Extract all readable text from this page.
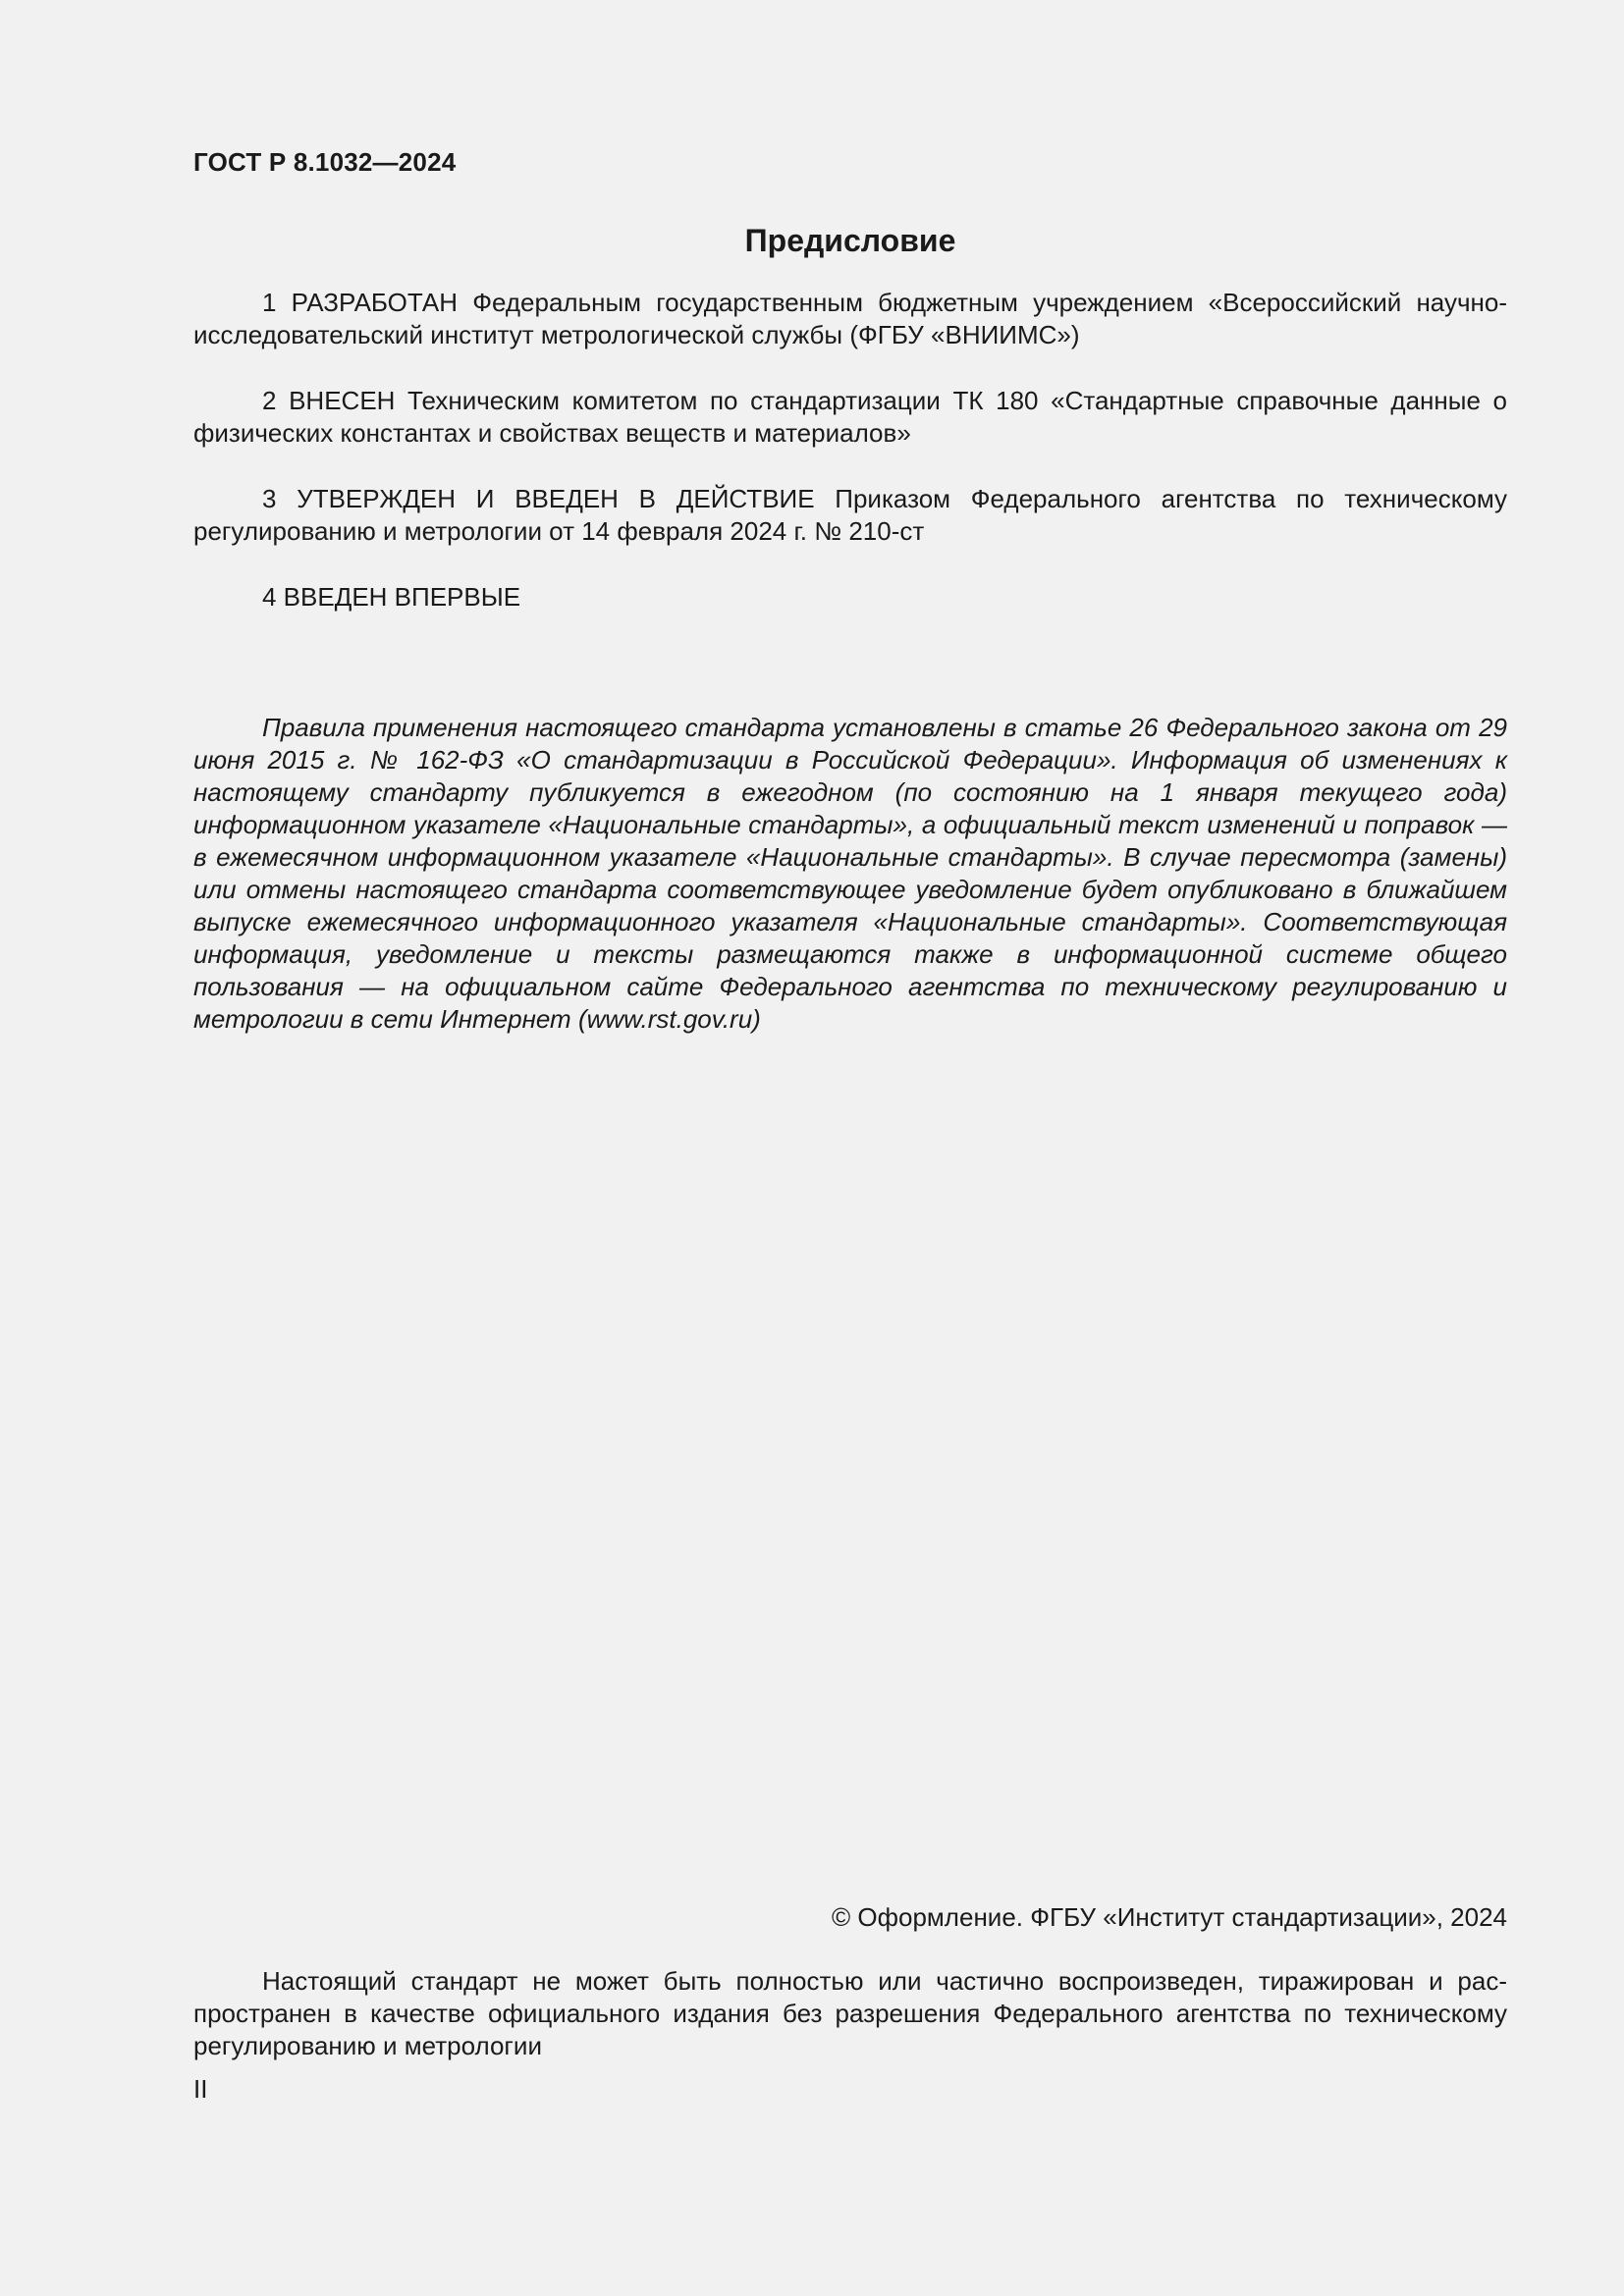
ГОСТ Р 8.1032—2024
Предисловие

1 РАЗРАБОТАН Федеральным государственным бюджетным учреждением «Всероссийский научно-исследовательский институт метрологической службы (ФГБУ «ВНИИМС»)

2 ВНЕСЕН Техническим комитетом по стандартизации ТК 180 «Стандартные справочные данные о физических константах и свойствах веществ и материалов»

3 УТВЕРЖДЕН И ВВЕДЕН В ДЕЙСТВИЕ Приказом Федерального агентства по техническому регулированию и метрологии от 14 февраля 2024 г. № 210-ст

4 ВВЕДЕН ВПЕРВЫЕ

Правила применения настоящего стандарта установлены в статье 26 Федерального закона от 29 июня 2015 г. № 162-ФЗ «О стандартизации в Российской Федерации». Информация об изменениях к настоящему стандарту публикуется в ежегодном (по состоянию на 1 января текущего года) информационном указателе «Национальные стандарты», а официальный текст изменений и поправок — в ежемесячном информационном указателе «Национальные стандарты». В случае пересмотра (замены) или отмены настоящего стандарта соответствующее уведомление будет опубликовано в ближайшем выпуске ежемесячного информационного указателя «Национальные стандарты». Соответствующая информация, уведомление и тексты размещаются также в информационной системе общего пользования — на официальном сайте Федерального агентства по техническому регулированию и метрологии в сети Интернет (www.rst.gov.ru)

© Оформление. ФГБУ «Институт стандартизации», 2024

Настоящий стандарт не может быть полностью или частично воспроизведен, тиражирован и распространен в качестве официального издания без разрешения Федерального агентства по техническому регулированию и метрологии

II
